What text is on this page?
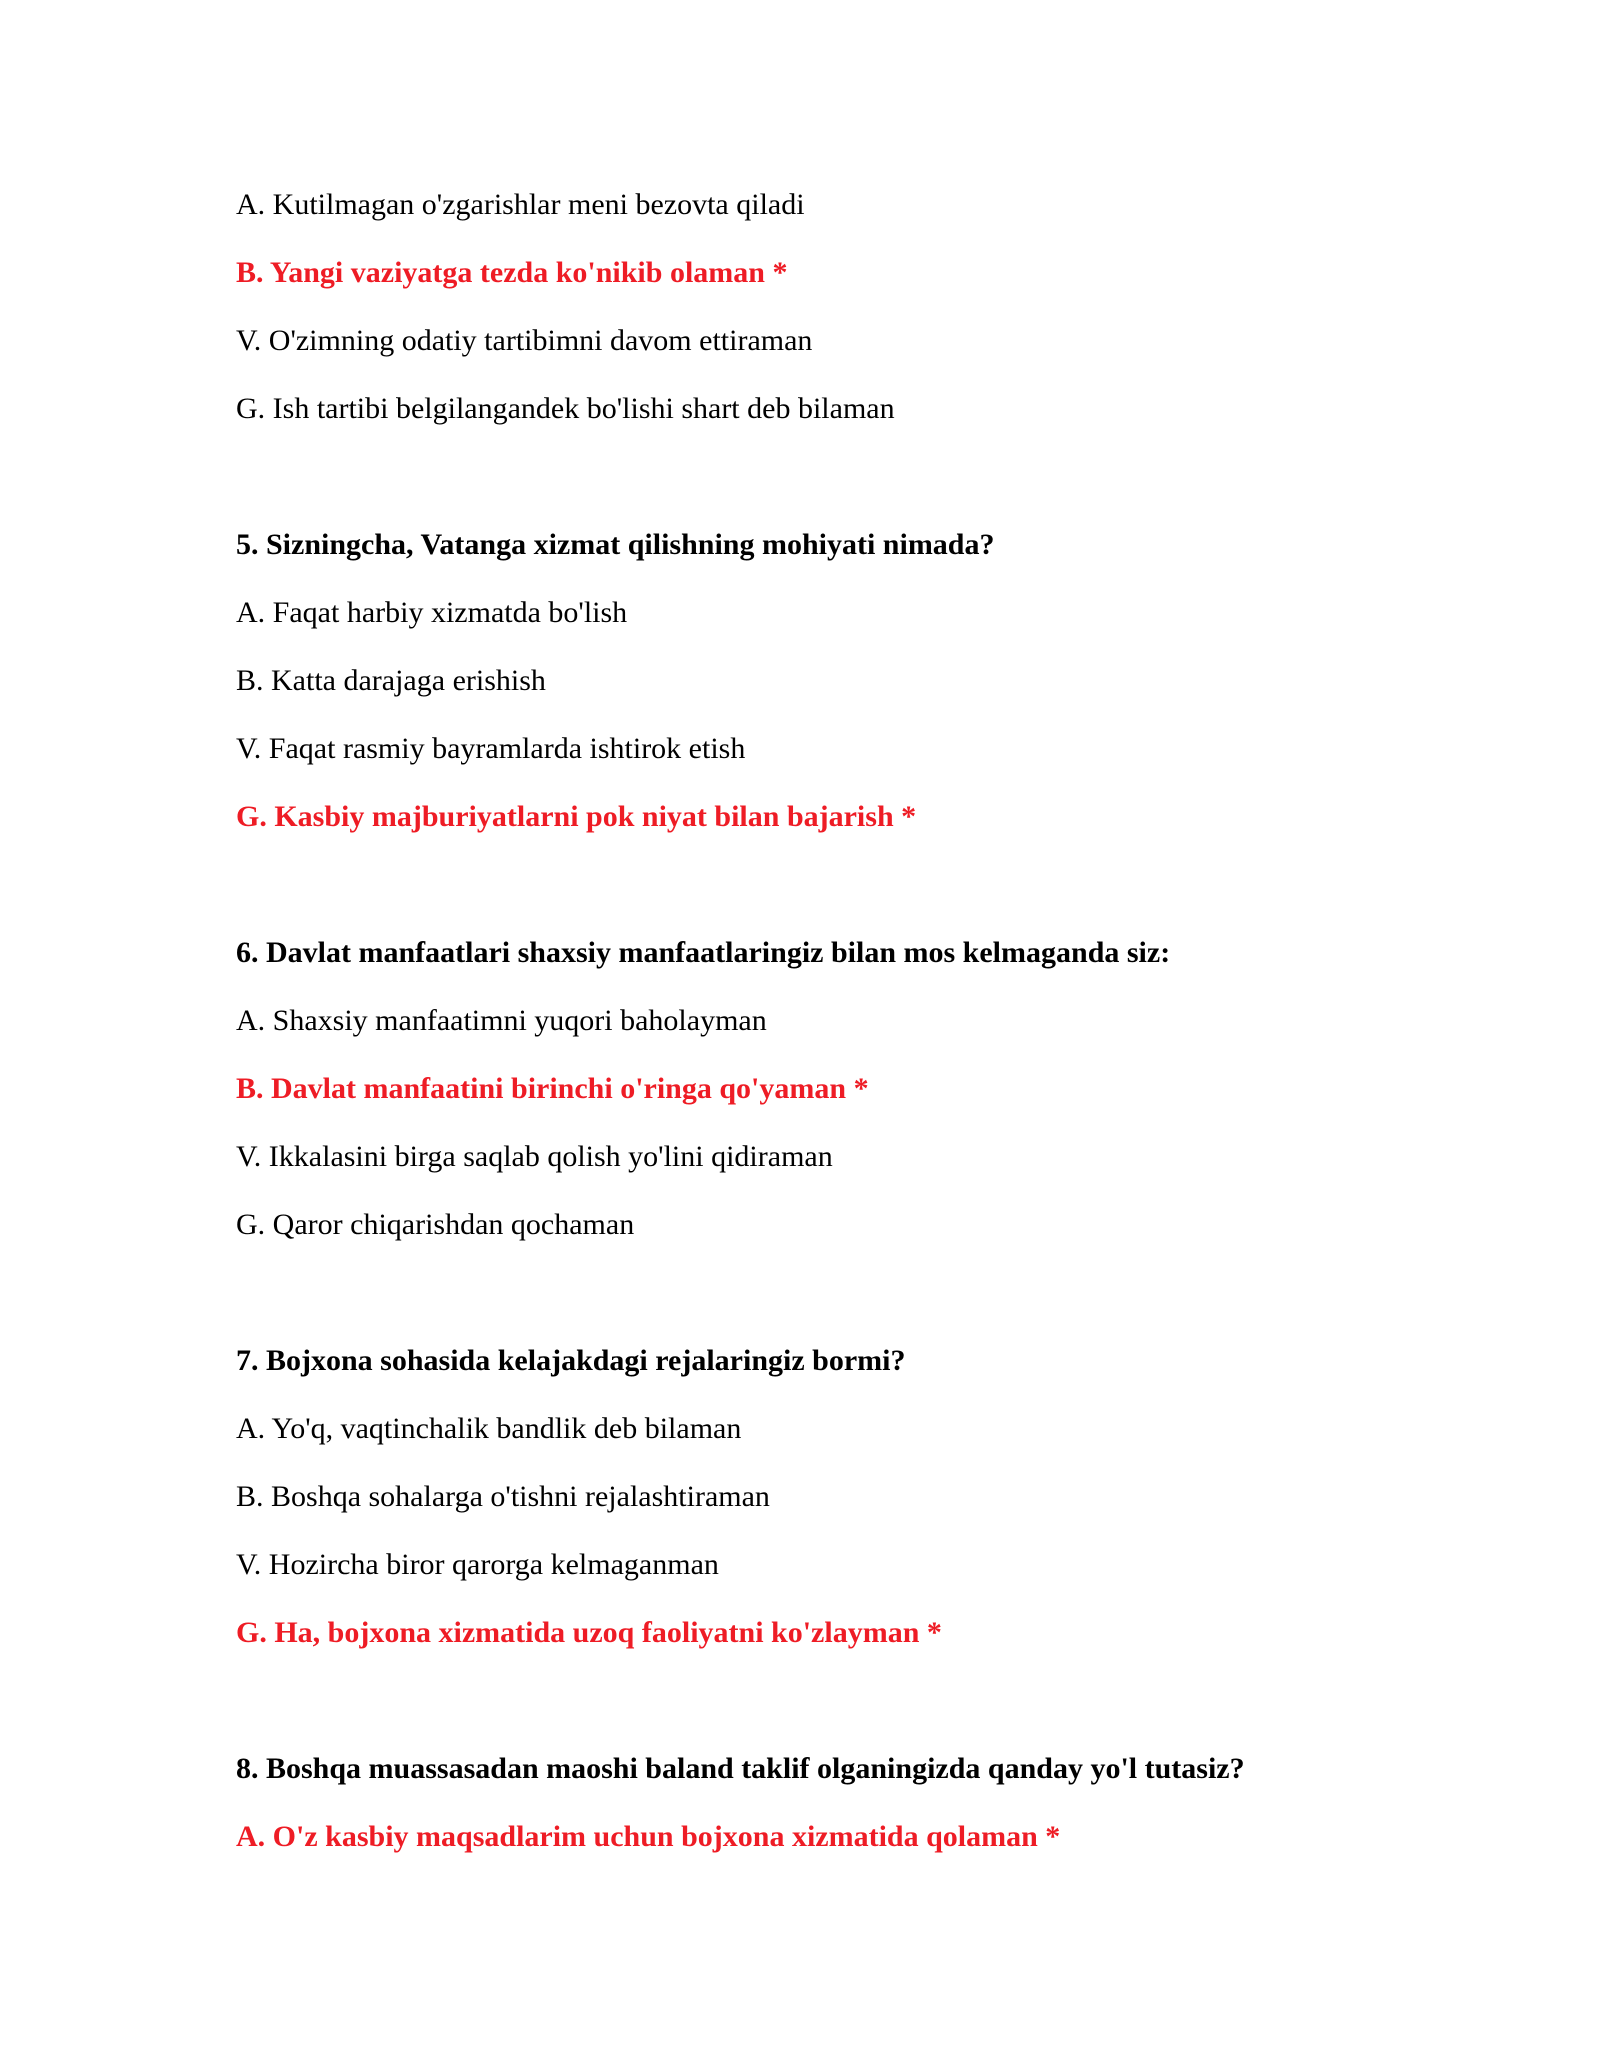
A. Kutilmagan o'zgarishlar meni bezovta qiladi
B. Yangi vaziyatga tezda ko'nikib olaman *
V. O'zimning odatiy tartibimni davom ettiraman
G. Ish tartibi belgilangandek bo'lishi shart deb bilaman
5. Sizningcha, Vatanga xizmat qilishning mohiyati nimada?
A. Faqat harbiy xizmatda bo'lish
B. Katta darajaga erishish
V. Faqat rasmiy bayramlarda ishtirok etish
G. Kasbiy majburiyatlarni pok niyat bilan bajarish *
6. Davlat manfaatlari shaxsiy manfaatlaringiz bilan mos kelmaganda siz:
A. Shaxsiy manfaatimni yuqori baholayman
B. Davlat manfaatini birinchi o'ringa qo'yaman *
V. Ikkalasini birga saqlab qolish yo'lini qidiraman
G. Qaror chiqarishdan qochaman
7. Bojxona sohasida kelajakdagi rejalaringiz bormi?
A. Yo'q, vaqtinchalik bandlik deb bilaman
B. Boshqa sohalarga o'tishni rejalashtiraman
V. Hozircha biror qarorga kelmaganman
G. Ha, bojxona xizmatida uzoq faoliyatni ko'zlayman *
8. Boshqa muassasadan maoshi baland taklif olganingizda qanday yo'l tutasiz?
A. O'z kasbiy maqsadlarim uchun bojxona xizmatida qolaman *
